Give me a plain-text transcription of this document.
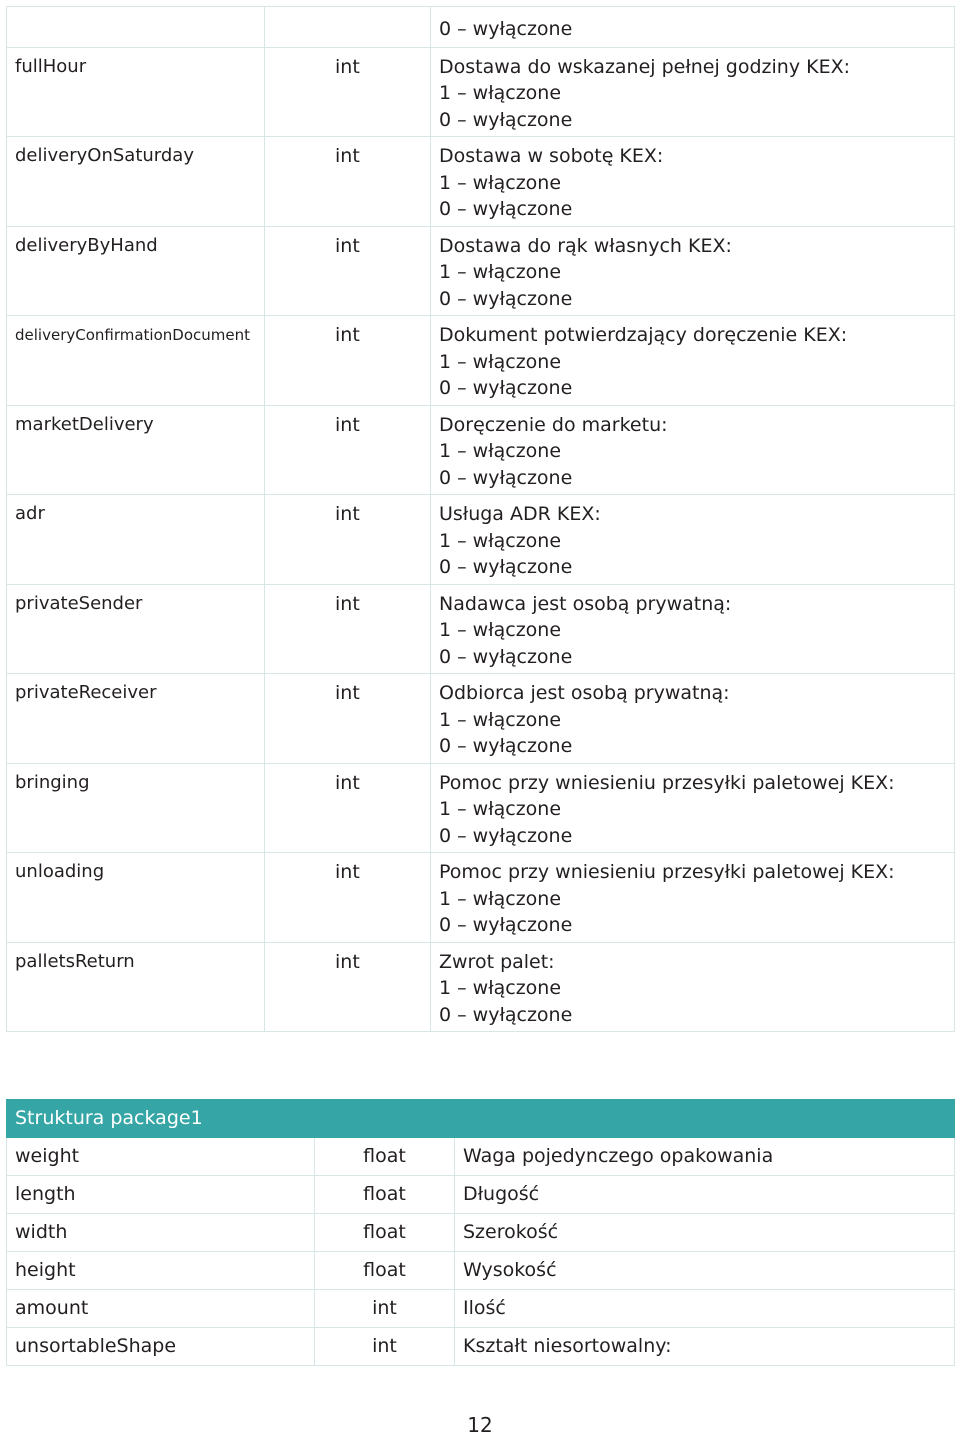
		0 – wyłączone

fullHour	int	Dostawa do wskazanej pełnej godziny KEX:
1 – włączone
0 – wyłączone

deliveryOnSaturday	int	Dostawa w sobotę KEX:
1 – włączone
0 – wyłączone

deliveryByHand	int	Dostawa do rąk własnych KEX:
1 – włączone
0 – wyłączone

deliveryConfirmationDocument	int	Dokument potwierdzający doręczenie KEX:
1 – włączone
0 – wyłączone

marketDelivery	int	Doręczenie do marketu:
1 – włączone
0 – wyłączone

adr	int	Usługa ADR KEX:
1 – włączone
0 – wyłączone

privateSender	int	Nadawca jest osobą prywatną:
1 – włączone
0 – wyłączone

privateReceiver	int	Odbiorca jest osobą prywatną:
1 – włączone
0 – wyłączone

bringing	int	Pomoc przy wniesieniu przesyłki paletowej KEX:
1 – włączone
0 – wyłączone

unloading	int	Pomoc przy wniesieniu przesyłki paletowej KEX:
1 – włączone
0 – wyłączone

palletsReturn	int	Zwrot palet:
1 – włączone
0 – wyłączone
Struktura package1		
weight	float	Waga pojedynczego opakowania
length	float	Długość
width	float	Szerokość
height	float	Wysokość
amount	int	Ilość
unsortableShape	int	Kształt niesortowalny:
12
